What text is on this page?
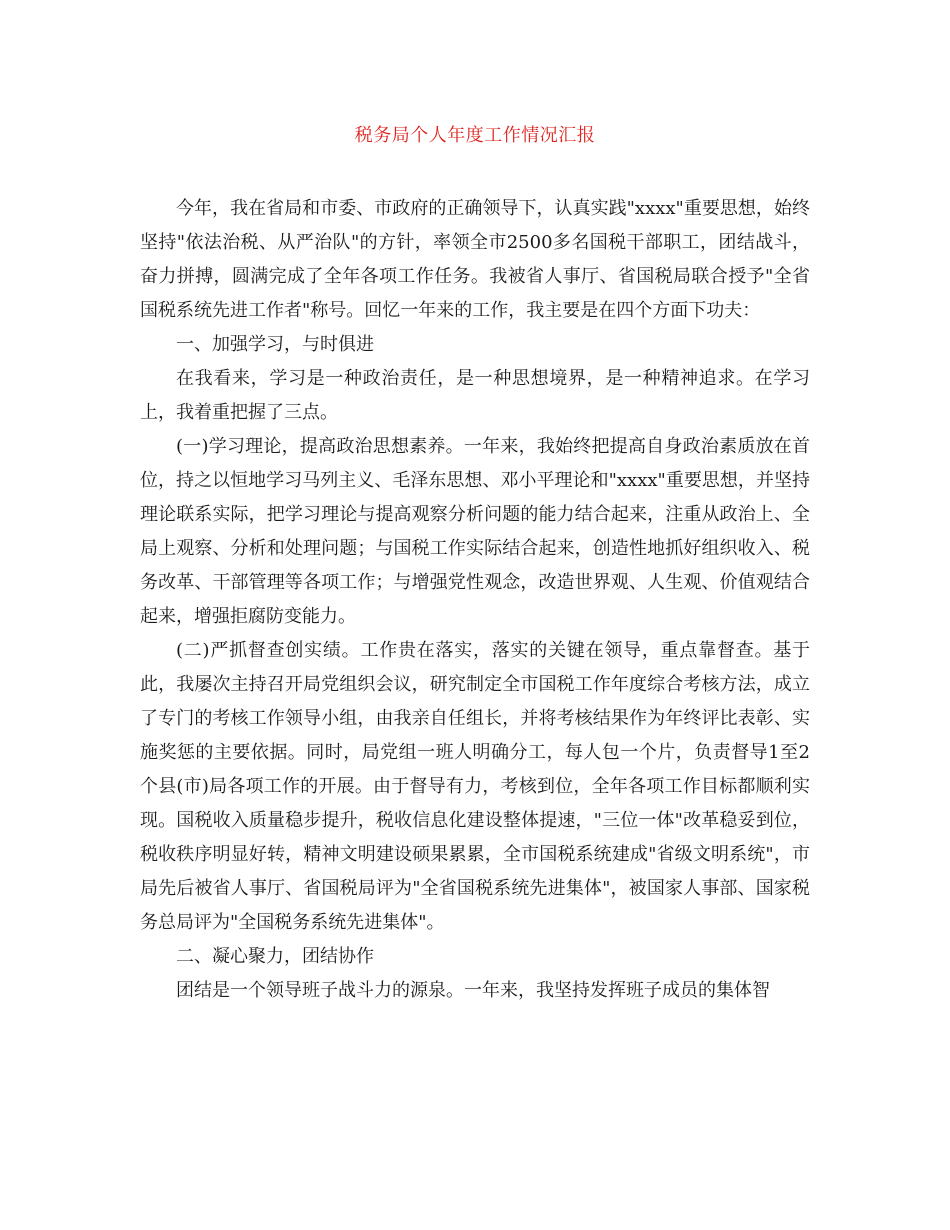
税务局个人年度工作情况汇报

今年，我在省局和市委、市政府的正确领导下，认真实践"xxxx"重要思想，始终坚持"依法治税、从严治队"的方针，率领全市2500多名国税干部职工，团结战斗，奋力拼搏，圆满完成了全年各项工作任务。我被省人事厅、省国税局联合授予"全省国税系统先进工作者"称号。回忆一年来的工作，我主要是在四个方面下功夫：

一、加强学习，与时俱进

在我看来，学习是一种政治责任，是一种思想境界，是一种精神追求。在学习上，我着重把握了三点。

(一)学习理论，提高政治思想素养。一年来，我始终把提高自身政治素质放在首位，持之以恒地学习马列主义、毛泽东思想、邓小平理论和"xxxx"重要思想，并坚持理论联系实际，把学习理论与提高观察分析问题的能力结合起来，注重从政治上、全局上观察、分析和处理问题；与国税工作实际结合起来，创造性地抓好组织收入、税务改革、干部管理等各项工作；与增强党性观念，改造世界观、人生观、价值观结合起来，增强拒腐防变能力。

(二)严抓督查创实绩。工作贵在落实，落实的关键在领导，重点靠督查。基于此，我屡次主持召开局党组织会议，研究制定全市国税工作年度综合考核方法，成立了专门的考核工作领导小组，由我亲自任组长，并将考核结果作为年终评比表彰、实施奖惩的主要依据。同时，局党组一班人明确分工，每人包一个片，负责督导1至2个县(市)局各项工作的开展。由于督导有力，考核到位，全年各项工作目标都顺利实现。国税收入质量稳步提升，税收信息化建设整体提速，"三位一体"改革稳妥到位，税收秩序明显好转，精神文明建设硕果累累，全市国税系统建成"省级文明系统"，市局先后被省人事厅、省国税局评为"全省国税系统先进集体"，被国家人事部、国家税务总局评为"全国税务系统先进集体"。

二、凝心聚力，团结协作

团结是一个领导班子战斗力的源泉。一年来，我坚持发挥班子成员的集体智
